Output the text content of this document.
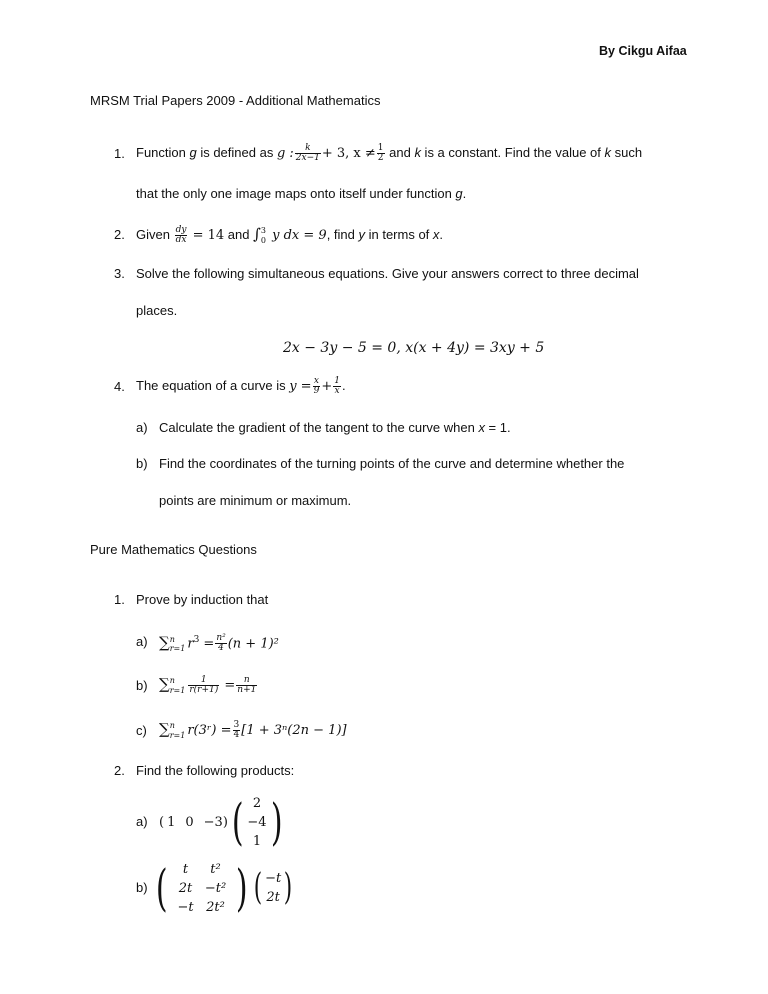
By Cikgu Aifaa
MRSM Trial Papers 2009 - Additional Mathematics
1. Function g is defined as g : $\frac{k}{2x-1} + 3$, $x \ne \frac{1}{2}$ and k is a constant. Find the value of k such
that the only one image maps onto itself under function g.
2. Given $\frac{dy}{dx} = 14$ and ∫ 3
0 y dx = 9, find y in terms of x.
3. Solve the following simultaneous equations. Give your answers correct to three decimal
places.
2x − 3y − 5 = 0, x(x + 4y) = 3xy + 5
4. The equation of a curve is $y = \frac{x}{9} + \frac{1}{x}$ .
a) Calculate the gradient of the tangent to the curve when x = 1.
b) Find the coordinates of the turning points of the curve and determine whether the
points are minimum or maximum.
Pure Mathematics Questions
1. Prove by induction that
a) ∑ n
r=1 $r^3 = \frac{\text{n²}}{4} (n + 1)^2$
b) ∑ n
$r=1 \frac{1}{r(r+1)} = \frac{n}{n+1}$
c) ∑ n
r=1 r(3ʳ) = $\frac{3}{4} [1 + 3^n(2n - 1)]$
2. Find the following products:
a) ( 1 0 −3) ( 2
−4
1 )
b) (	t	t²
2t −t²
−t 2t² ) ( −t
2t )
